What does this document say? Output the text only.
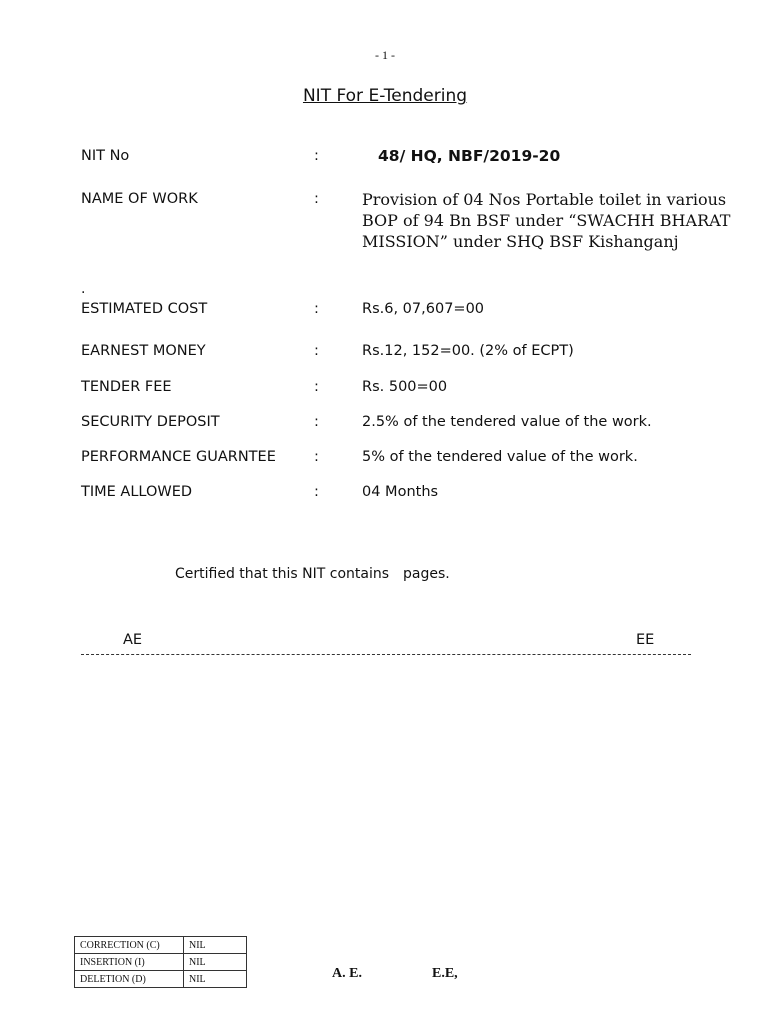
- 1 -
NIT For E-Tendering
NIT No	:	48/ HQ, NBF/2019-20
NAME OF WORK	:	Provision of 04 Nos Portable toilet in various BOP of 94 Bn BSF under “SWACHH BHARAT MISSION” under SHQ BSF Kishanganj
.
ESTIMATED COST	:	Rs.6, 07,607=00
EARNEST MONEY	:	Rs.12, 152=00. (2% of ECPT)
TENDER FEE	:	Rs. 500=00
SECURITY DEPOSIT	:	2.5% of the tendered value of the work.
PERFORMANCE GUARNTEE	:	5% of the tendered value of the work.
TIME ALLOWED	:	04 Months
Certified that this NIT contains pages.
AE	EE
CORRECTION (C)	NIL
INSERTION (I)	NIL
DELETION (D)	NIL	A. E.	E.E,
